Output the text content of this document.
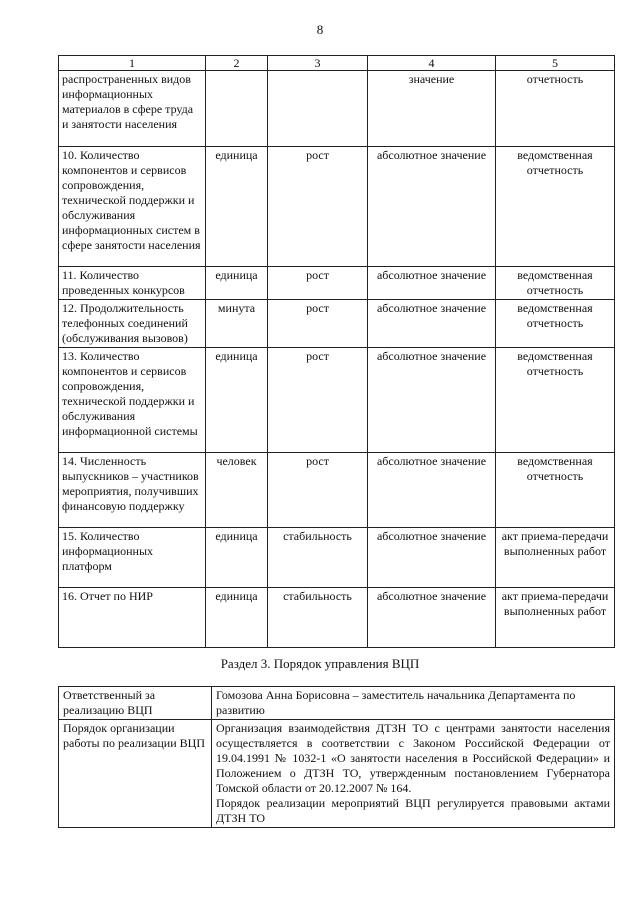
8
1	2	3	4	5
распространенных видов информационных материалов в сфере труда и занятости населения			значение	отчетность
10. Количество компонентов и сервисов сопровождения, технической поддержки и обслуживания информационных систем в сфере занятости населения	единица	рост	абсолютное значение	ведомственная отчетность
11. Количество проведенных конкурсов	единица	рост	абсолютное значение	ведомственная отчетность
12. Продолжительность телефонных соединений (обслуживания вызовов)	минута	рост	абсолютное значение	ведомственная отчетность
13. Количество компонентов и сервисов сопровождения, технической поддержки и обслуживания информационной системы	единица	рост	абсолютное значение	ведомственная отчетность
14. Численность выпускников – участников мероприятия, получивших финансовую поддержку	человек	рост	абсолютное значение	ведомственная отчетность
15. Количество информационных платформ	единица	стабильность	абсолютное значение	акт приема-передачи выполненных работ
16. Отчет по НИР	единица	стабильность	абсолютное значение	акт приема-передачи выполненных работ
Раздел 3. Порядок управления ВЦП
Ответственный за реализацию ВЦП	Гомозова Анна Борисовна – заместитель начальника Департамента по развитию
Порядок организации работы по реализации ВЦП	Организация взаимодействия ДТЗН ТО с центрами занятости населения осуществляется в соответствии с Законом Российской Федерации от 19.04.1991 № 1032-1 «О занятости населения в Российской Федерации» и Положением о ДТЗН ТО, утвержденным постановлением Губернатора Томской области от 20.12.2007 № 164.
Порядок реализации мероприятий ВЦП регулируется правовыми актами ДТЗН ТО
